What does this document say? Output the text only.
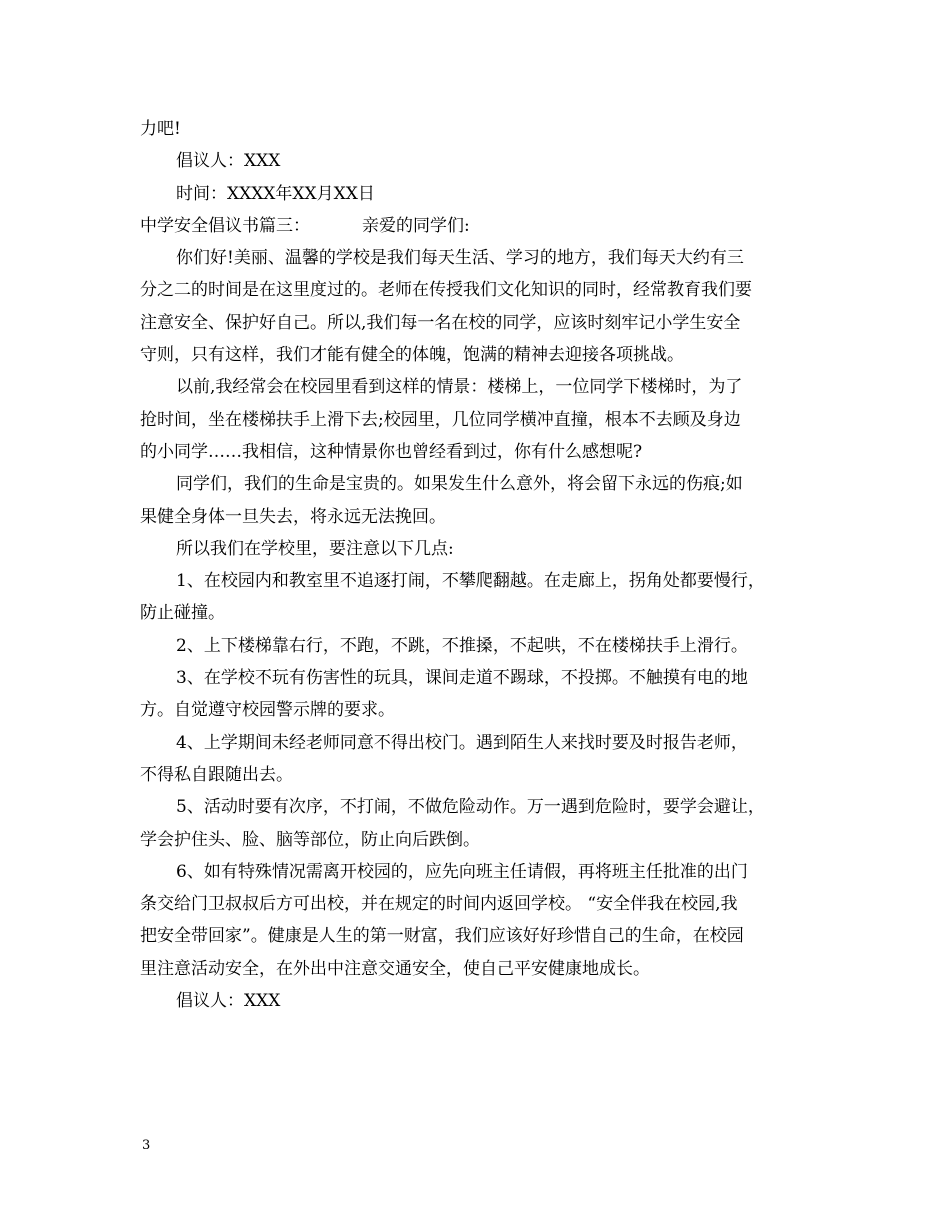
力吧!
倡议人：XXX
时间：XXXX年XX月XX日
中学安全倡议书篇三：	亲爱的同学们:
你们好!美丽、温馨的学校是我们每天生活、学习的地方，我们每天大约有三
分之二的时间是在这里度过的。老师在传授我们文化知识的同时，经常教育我们要
注意安全、保护好自己。所以,我们每一名在校的同学，应该时刻牢记小学生安全
守则，只有这样，我们才能有健全的体魄，饱满的精神去迎接各项挑战。
以前,我经常会在校园里看到这样的情景：楼梯上，一位同学下楼梯时，为了
抢时间，坐在楼梯扶手上滑下去;校园里，几位同学横冲直撞，根本不去顾及身边
的小同学……我相信，这种情景你也曾经看到过，你有什么感想呢?
同学们，我们的生命是宝贵的。如果发生什么意外，将会留下永远的伤痕;如
果健全身体一旦失去，将永远无法挽回。
所以我们在学校里，要注意以下几点:
1、在校园内和教室里不追逐打闹，不攀爬翻越。在走廊上，拐角处都要慢行，
防止碰撞。
2、上下楼梯靠右行，不跑，不跳，不推搡，不起哄，不在楼梯扶手上滑行。
3、在学校不玩有伤害性的玩具，课间走道不踢球，不投掷。不触摸有电的地
方。自觉遵守校园警示牌的要求。
4、上学期间未经老师同意不得出校门。遇到陌生人来找时要及时报告老师，
不得私自跟随出去。
5、活动时要有次序，不打闹，不做危险动作。万一遇到危险时，要学会避让，
学会护住头、脸、脑等部位，防止向后跌倒。
6、如有特殊情况需离开校园的，应先向班主任请假，再将班主任批准的出门
条交给门卫叔叔后方可出校，并在规定的时间内返回学校。 “安全伴我在校园,我
把安全带回家”。健康是人生的第一财富，我们应该好好珍惜自己的生命，在校园
里注意活动安全，在外出中注意交通安全，使自己平安健康地成长。
倡议人：XXX
3
